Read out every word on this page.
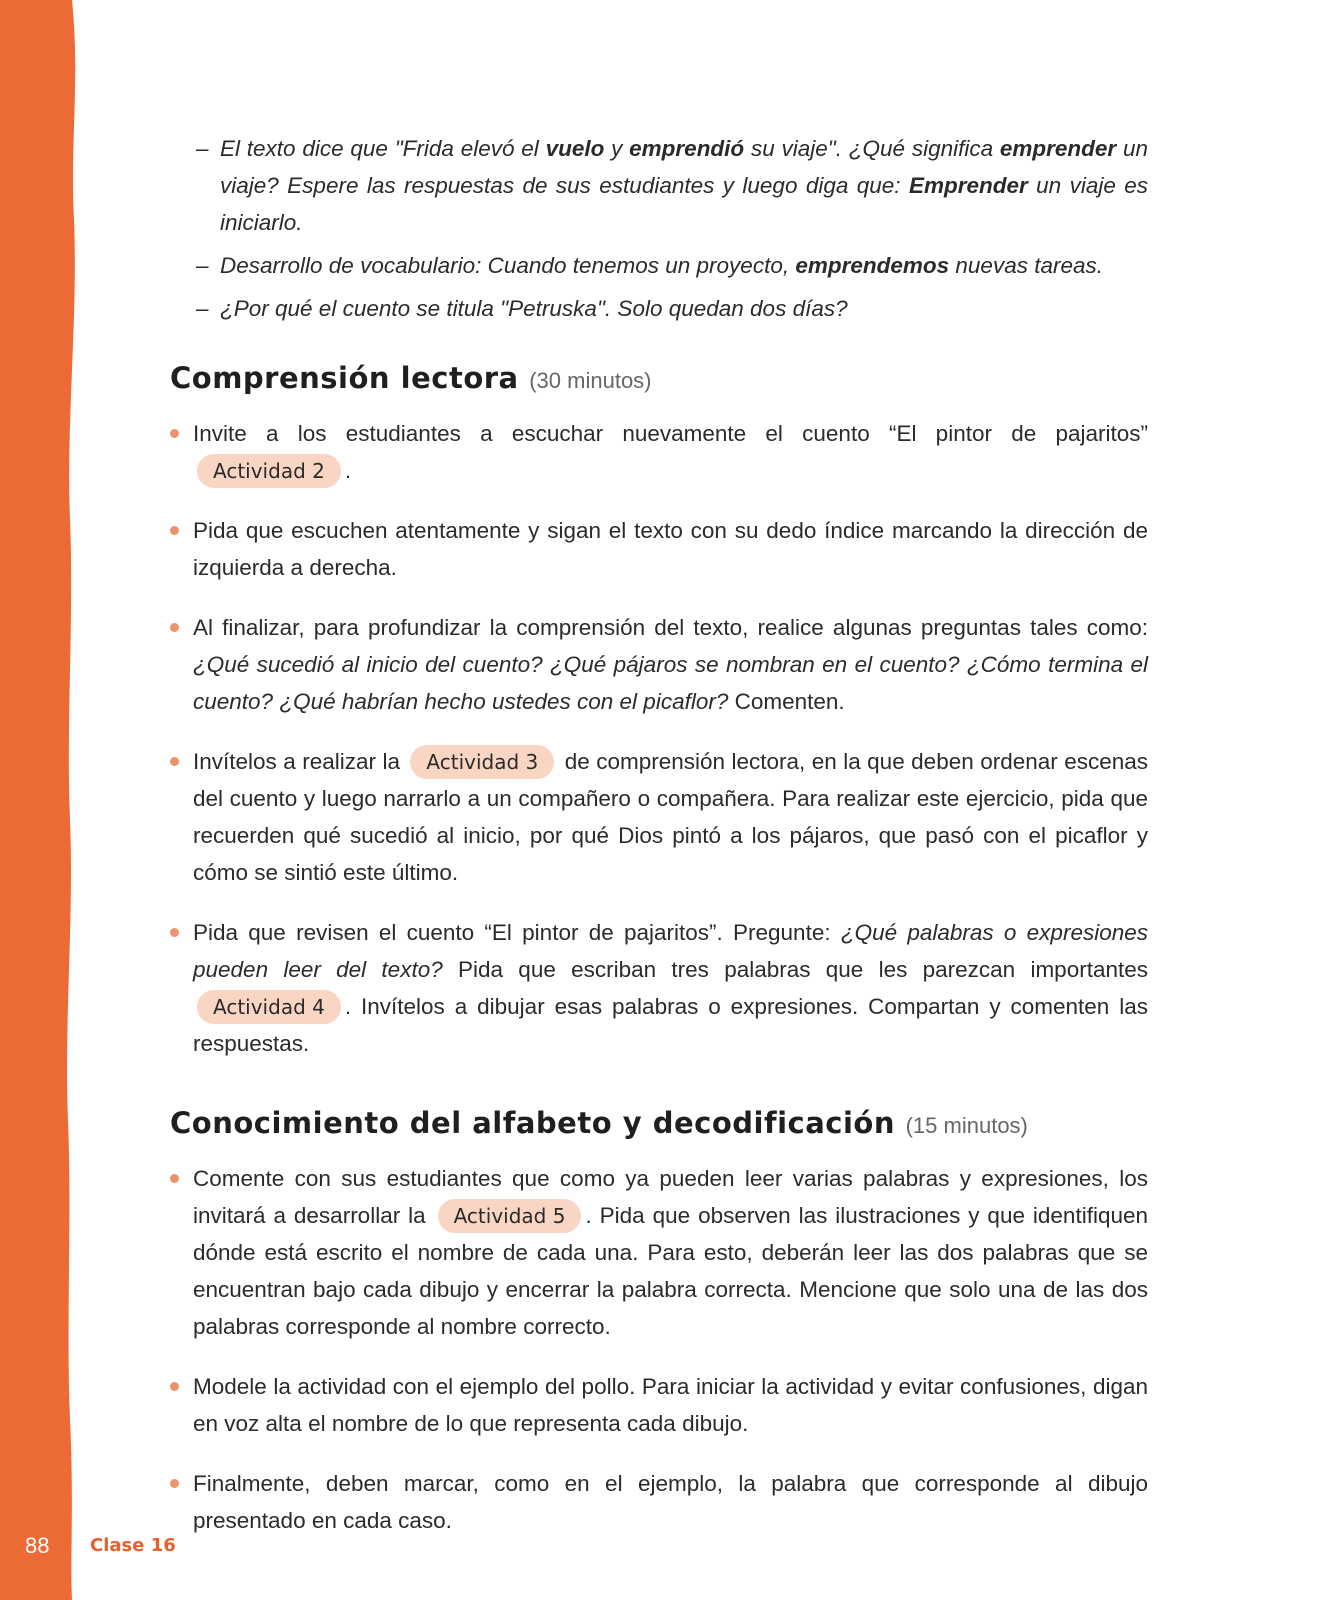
– El texto dice que "Frida elevó el vuelo y emprendió su viaje". ¿Qué significa emprender un viaje? Espere las respuestas de sus estudiantes y luego diga que: Emprender un viaje es iniciarlo.
– Desarrollo de vocabulario: Cuando tenemos un proyecto, emprendemos nuevas tareas.
– ¿Por qué el cuento se titula "Petruska". Solo quedan dos días?
Comprensión lectora (30 minutos)
Invite a los estudiantes a escuchar nuevamente el cuento “El pintor de pajaritos” Actividad 2 .
Pida que escuchen atentamente y sigan el texto con su dedo índice marcando la dirección de izquierda a derecha.
Al finalizar, para profundizar la comprensión del texto, realice algunas preguntas tales como: ¿Qué sucedió al inicio del cuento? ¿Qué pájaros se nombran en el cuento? ¿Cómo termina el cuento? ¿Qué habrían hecho ustedes con el picaflor? Comenten.
Invítelos a realizar la Actividad 3 de comprensión lectora, en la que deben ordenar escenas del cuento y luego narrarlo a un compañero o compañera. Para realizar este ejercicio, pida que recuerden qué sucedió al inicio, por qué Dios pintó a los pájaros, que pasó con el picaflor y cómo se sintió este último.
Pida que revisen el cuento “El pintor de pajaritos”. Pregunte: ¿Qué palabras o expresiones pueden leer del texto? Pida que escriban tres palabras que les parezcan importantes Actividad 4 . Invítelos a dibujar esas palabras o expresiones. Compartan y comenten las respuestas.
Conocimiento del alfabeto y decodificación (15 minutos)
Comente con sus estudiantes que como ya pueden leer varias palabras y expresiones, los invitará a desarrollar la Actividad 5 . Pida que observen las ilustraciones y que identifiquen dónde está escrito el nombre de cada una. Para esto, deberán leer las dos palabras que se encuentran bajo cada dibujo y encerrar la palabra correcta. Mencione que solo una de las dos palabras corresponde al nombre correcto.
Modele la actividad con el ejemplo del pollo. Para iniciar la actividad y evitar confusiones, digan en voz alta el nombre de lo que representa cada dibujo.
Finalmente, deben marcar, como en el ejemplo, la palabra que corresponde al dibujo presentado en cada caso.
88 Clase 16
